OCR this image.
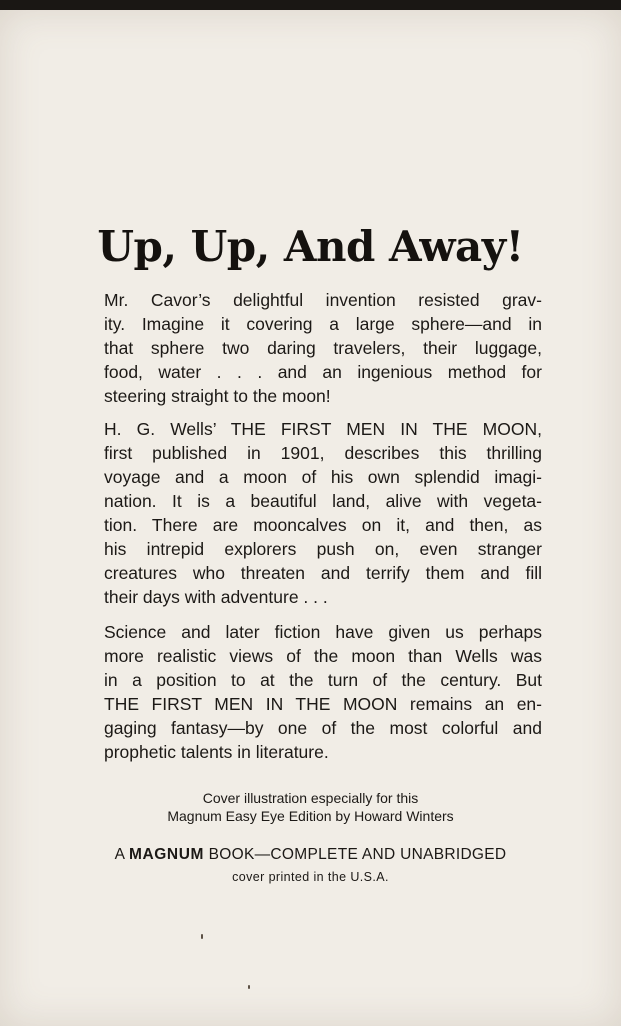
Up, Up, And Away!

Mr. Cavor’s delightful invention resisted grav-
ity. Imagine it covering a large sphere—and in
that sphere two daring travelers, their luggage,
food, water . . . and an ingenious method for
steering straight to the moon!

H. G. Wells’ THE FIRST MEN IN THE MOON,
first published in 1901, describes this thrilling
voyage and a moon of his own splendid imagi-
nation. It is a beautiful land, alive with vegeta-
tion. There are mooncalves on it, and then, as
his intrepid explorers push on, even stranger
creatures who threaten and terrify them and fill
their days with adventure . . .

Science and later fiction have given us perhaps
more realistic views of the moon than Wells was
in a position to at the turn of the century. But
THE FIRST MEN IN THE MOON remains an en-
gaging fantasy—by one of the most colorful and
prophetic talents in literature.

Cover illustration especially for this

Magnum Easy Eye Edition by Howard Winters

A MAGNUM BOOK—COMPLETE AND UNABRIDGED

cover printed in the U.S.A.
